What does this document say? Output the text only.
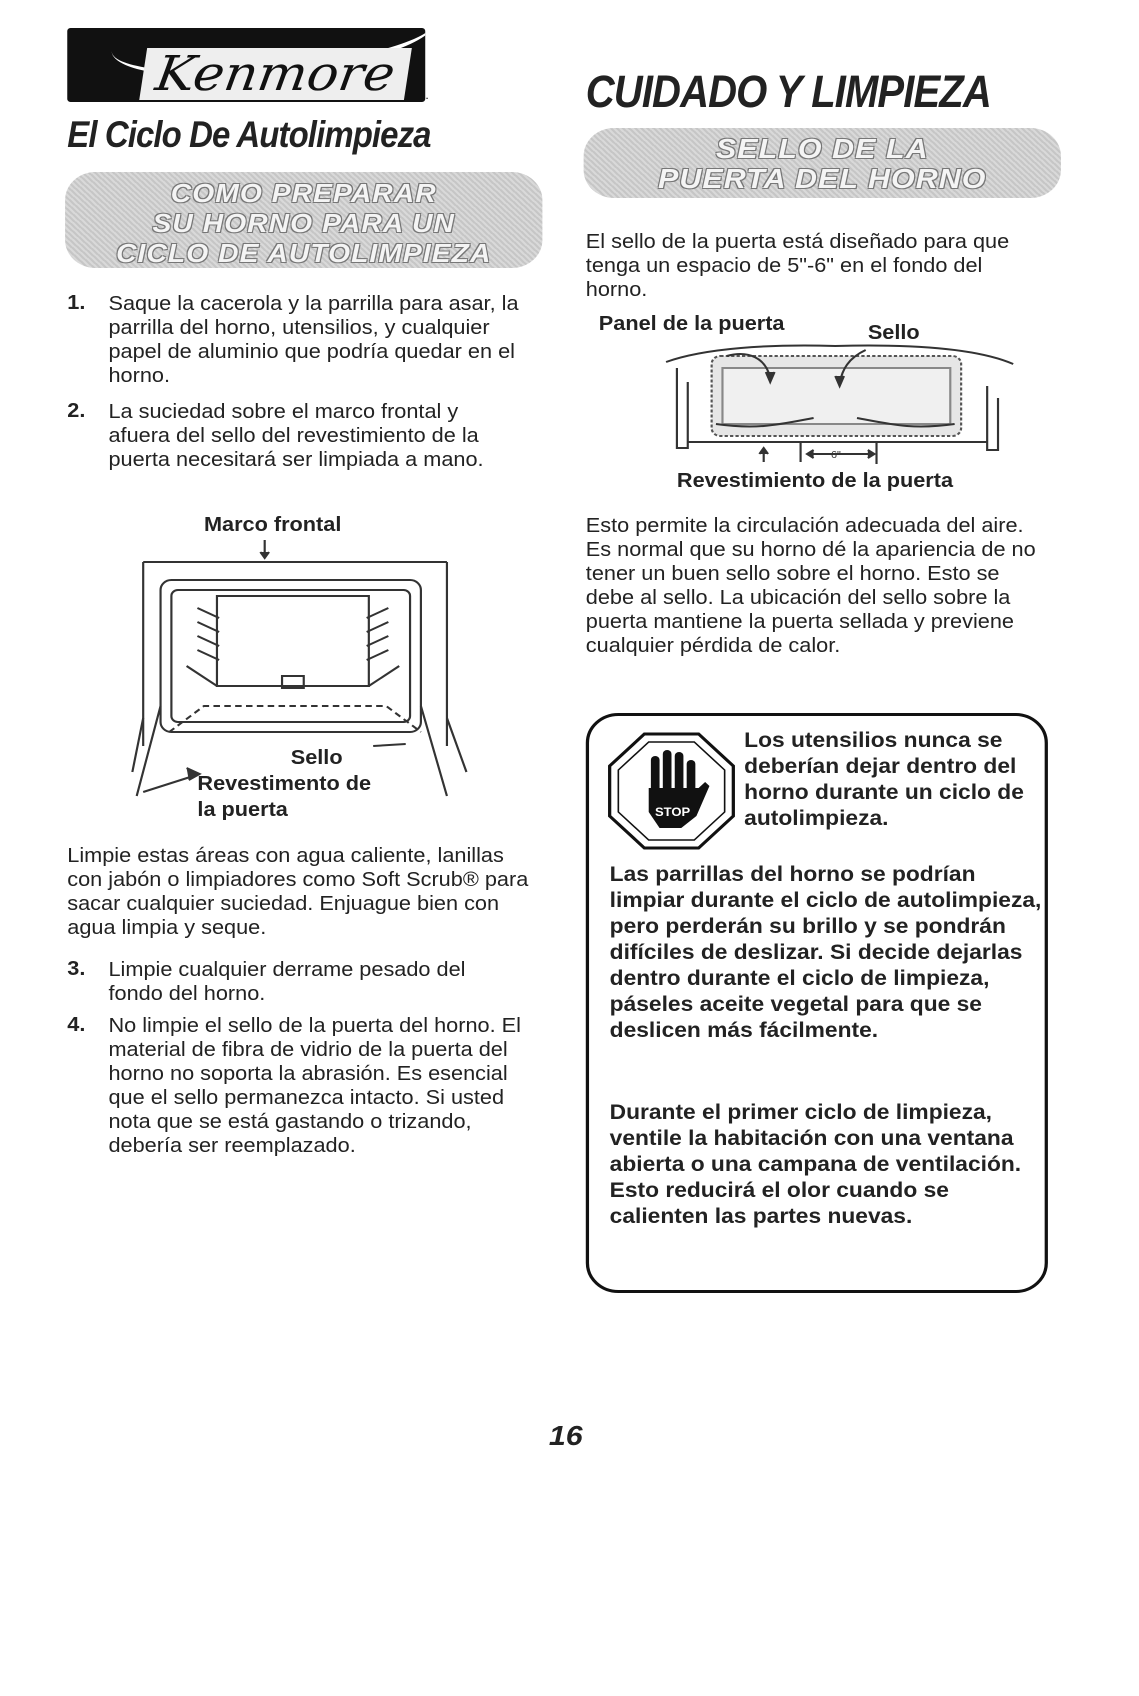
Kenmore	.
El Ciclo De Autolimpieza
CUIDADO Y LIMPIEZA
COMO PREPARAR
SU HORNO PARA UN
CICLO DE AUTOLIMPIEZA
1.	Saque la cacerola y la parrilla para asar, la parrilla del horno, utensilios, y cualquier papel de aluminio que podría quedar en el horno.
2.	La suciedad sobre el marco frontal y afuera del sello del revestimiento de la puerta necesitará ser limpiada a mano.
Marco frontal
Sello
Revestimento de
la puerta
Limpie estas áreas con agua caliente, lanillas con jabón o limpiadores como Soft Scrub® para sacar cualquier suciedad. Enjuague bien con agua limpia y seque.
3.	Limpie cualquier derrame pesado del fondo del horno.
4.	No limpie el sello de la puerta del horno. El material de fibra de vidrio de la puerta del horno no soporta la abrasión. Es esencial que el sello permanezca intacto. Si usted nota que se está gastando o trizando, debería ser reemplazado.
SELLO DE LA
PUERTA DEL HORNO
El sello de la puerta está diseñado para que tenga un espacio de 5"-6" en el fondo del horno.
Panel de la puerta	Sello
6"
Revestimiento de la puerta
Esto permite la circulación adecuada del aire. Es normal que su horno dé la apariencia de no tener un buen sello sobre el horno. Esto se debe al sello. La ubicación del sello sobre la puerta mantiene la puerta sellada y previene cualquier pérdida de calor.
STOP
Los utensilios nunca se deberían dejar dentro del horno durante un ciclo de autolimpieza.
Las parrillas del horno se podrían limpiar durante el ciclo de autolimpieza, pero perderán su brillo y se pondrán difíciles de deslizar. Si decide dejarlas dentro durante el ciclo de limpieza, páseles aceite vegetal para que se deslicen más fácilmente.
Durante el primer ciclo de limpieza, ventile la habitación con una ventana abierta o una campana de ventilación. Esto reducirá el olor cuando se calienten las partes nuevas.
16
